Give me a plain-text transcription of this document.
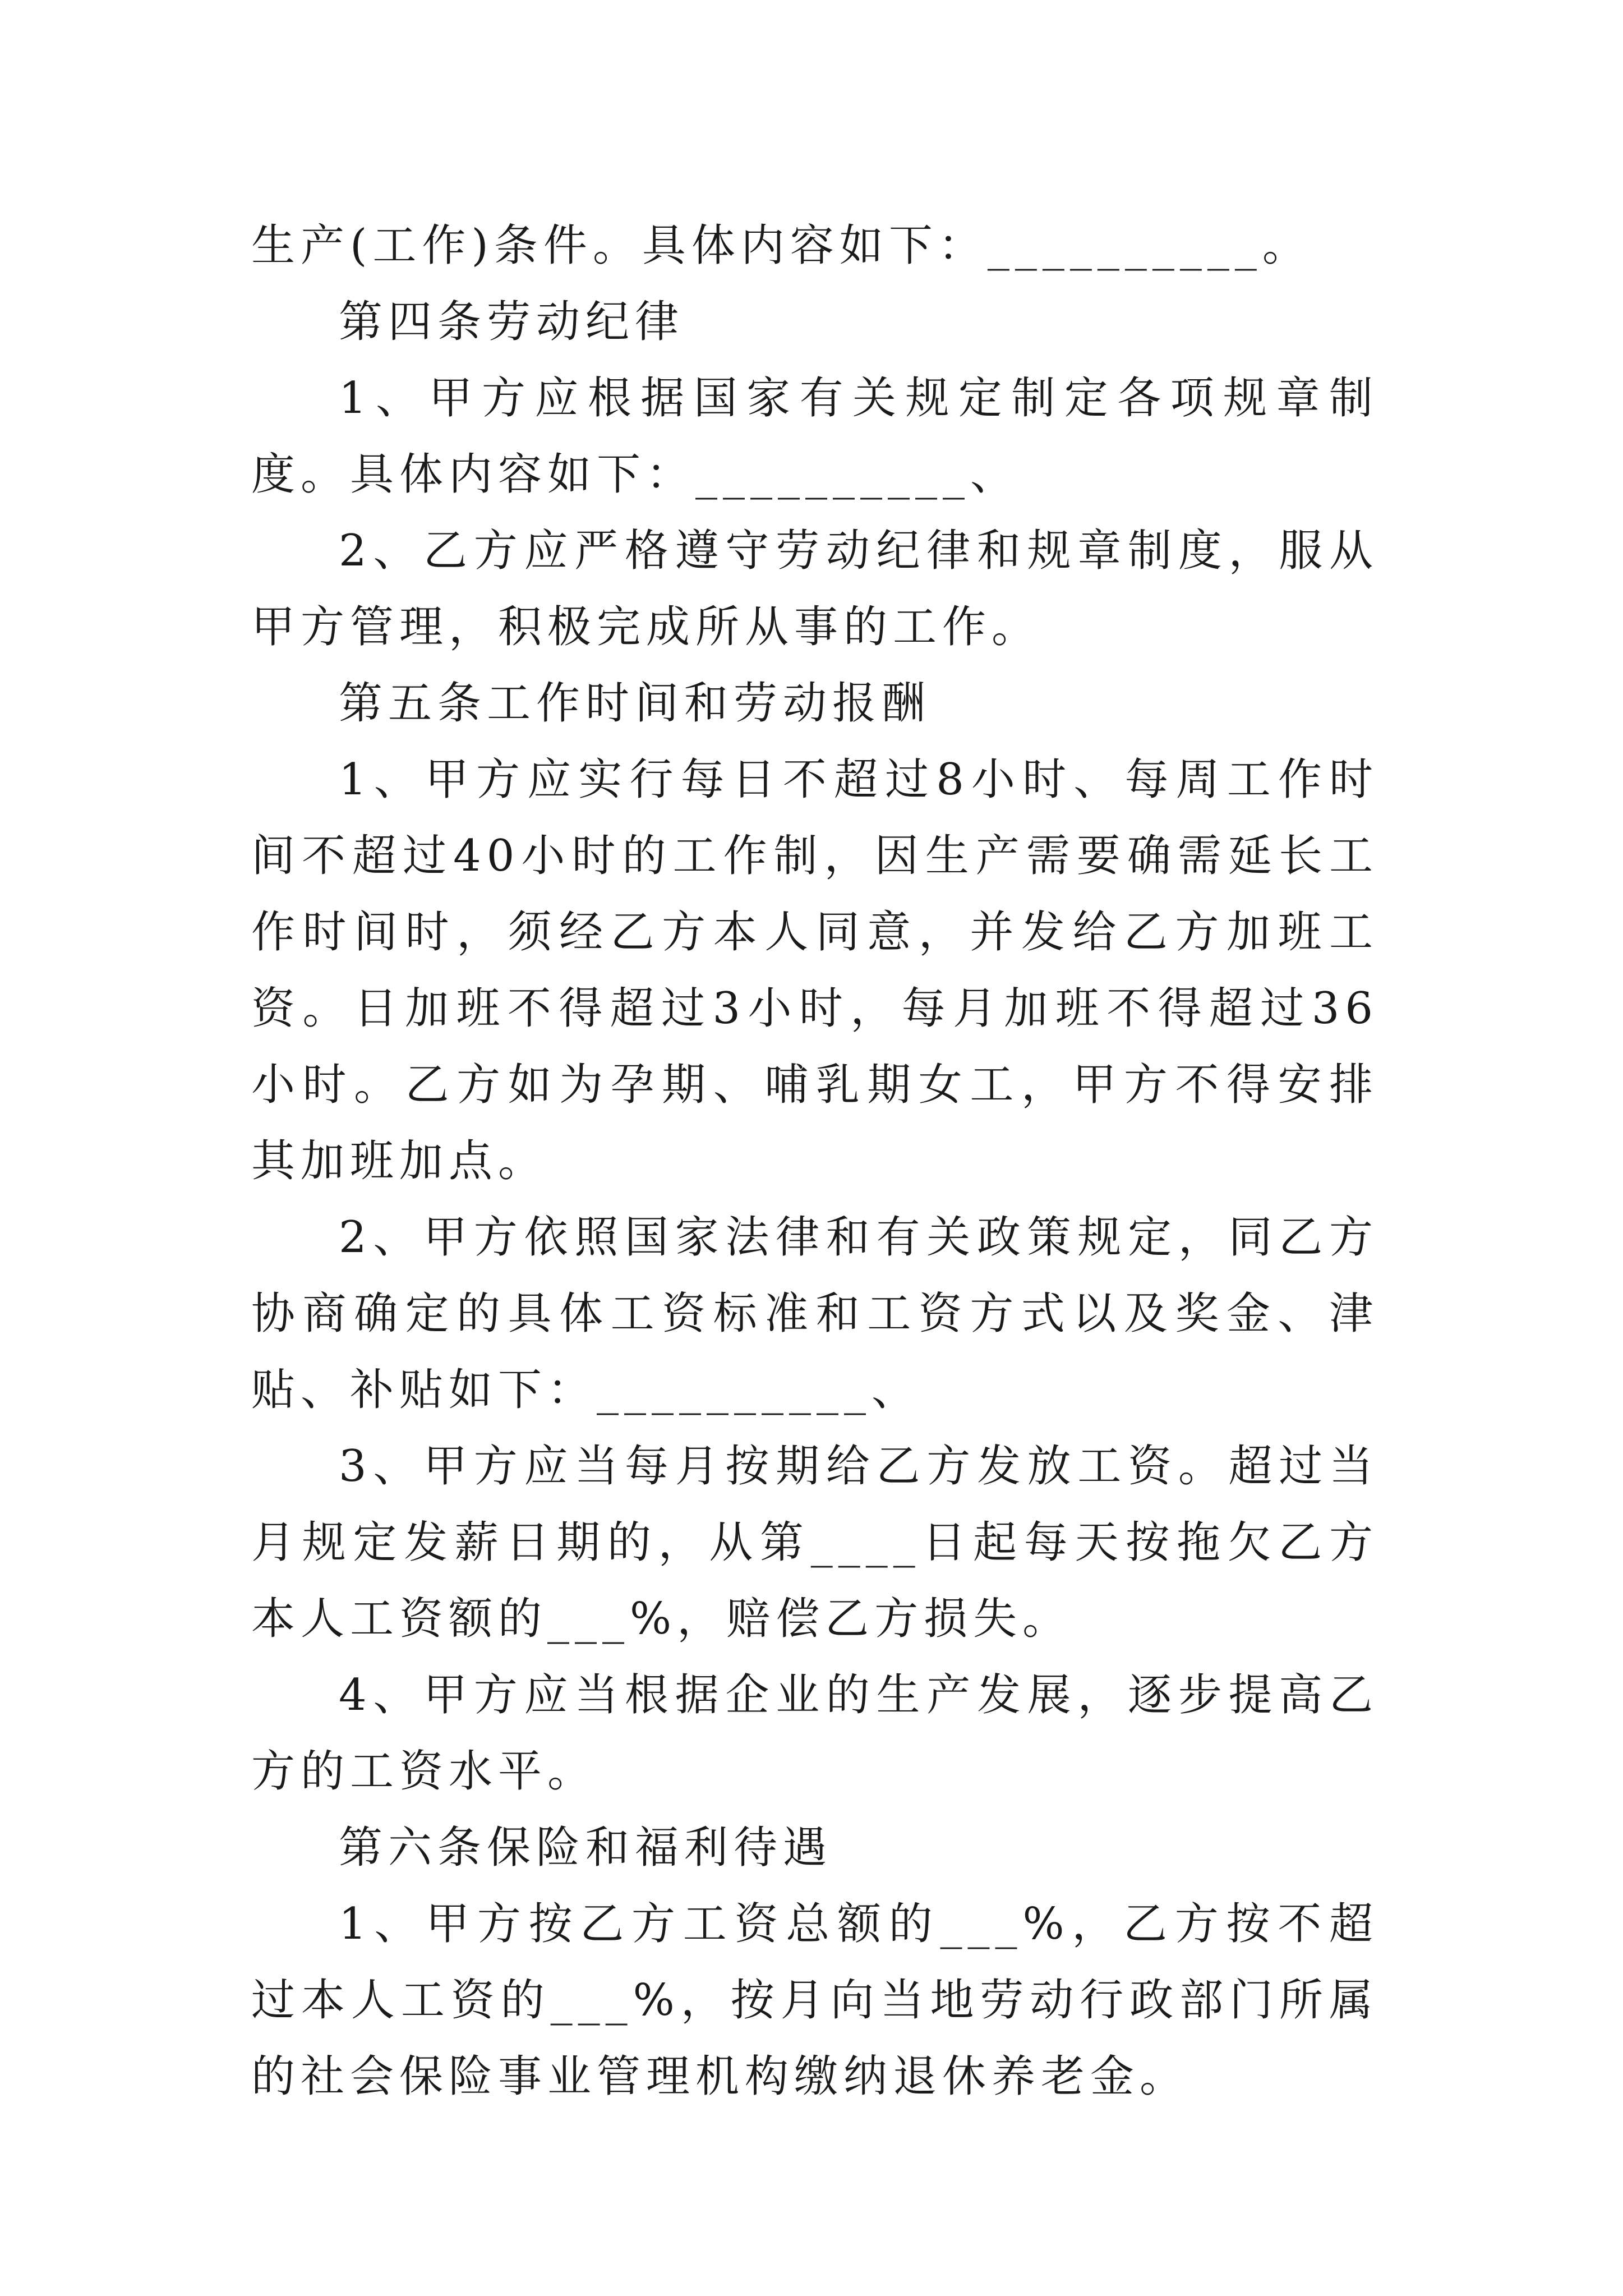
生产(工作)条件。具体内容如下：__________。

第四条劳动纪律

1、甲方应根据国家有关规定制定各项规章制度。具体内容如下：__________、

2、乙方应严格遵守劳动纪律和规章制度，服从甲方管理，积极完成所从事的工作。

第五条工作时间和劳动报酬

1、甲方应实行每日不超过8小时、每周工作时间不超过40小时的工作制，因生产需要确需延长工作时间时，须经乙方本人同意，并发给乙方加班工资。日加班不得超过3小时，每月加班不得超过36小时。乙方如为孕期、哺乳期女工，甲方不得安排其加班加点。

2、甲方依照国家法律和有关政策规定，同乙方协商确定的具体工资标准和工资方式以及奖金、津贴、补贴如下：__________、

3、甲方应当每月按期给乙方发放工资。超过当月规定发薪日期的，从第____日起每天按拖欠乙方本人工资额的___%，赔偿乙方损失。

4、甲方应当根据企业的生产发展，逐步提高乙方的工资水平。

第六条保险和福利待遇

1、甲方按乙方工资总额的___%，乙方按不超过本人工资的___%，按月向当地劳动行政部门所属的社会保险事业管理机构缴纳退休养老金。
